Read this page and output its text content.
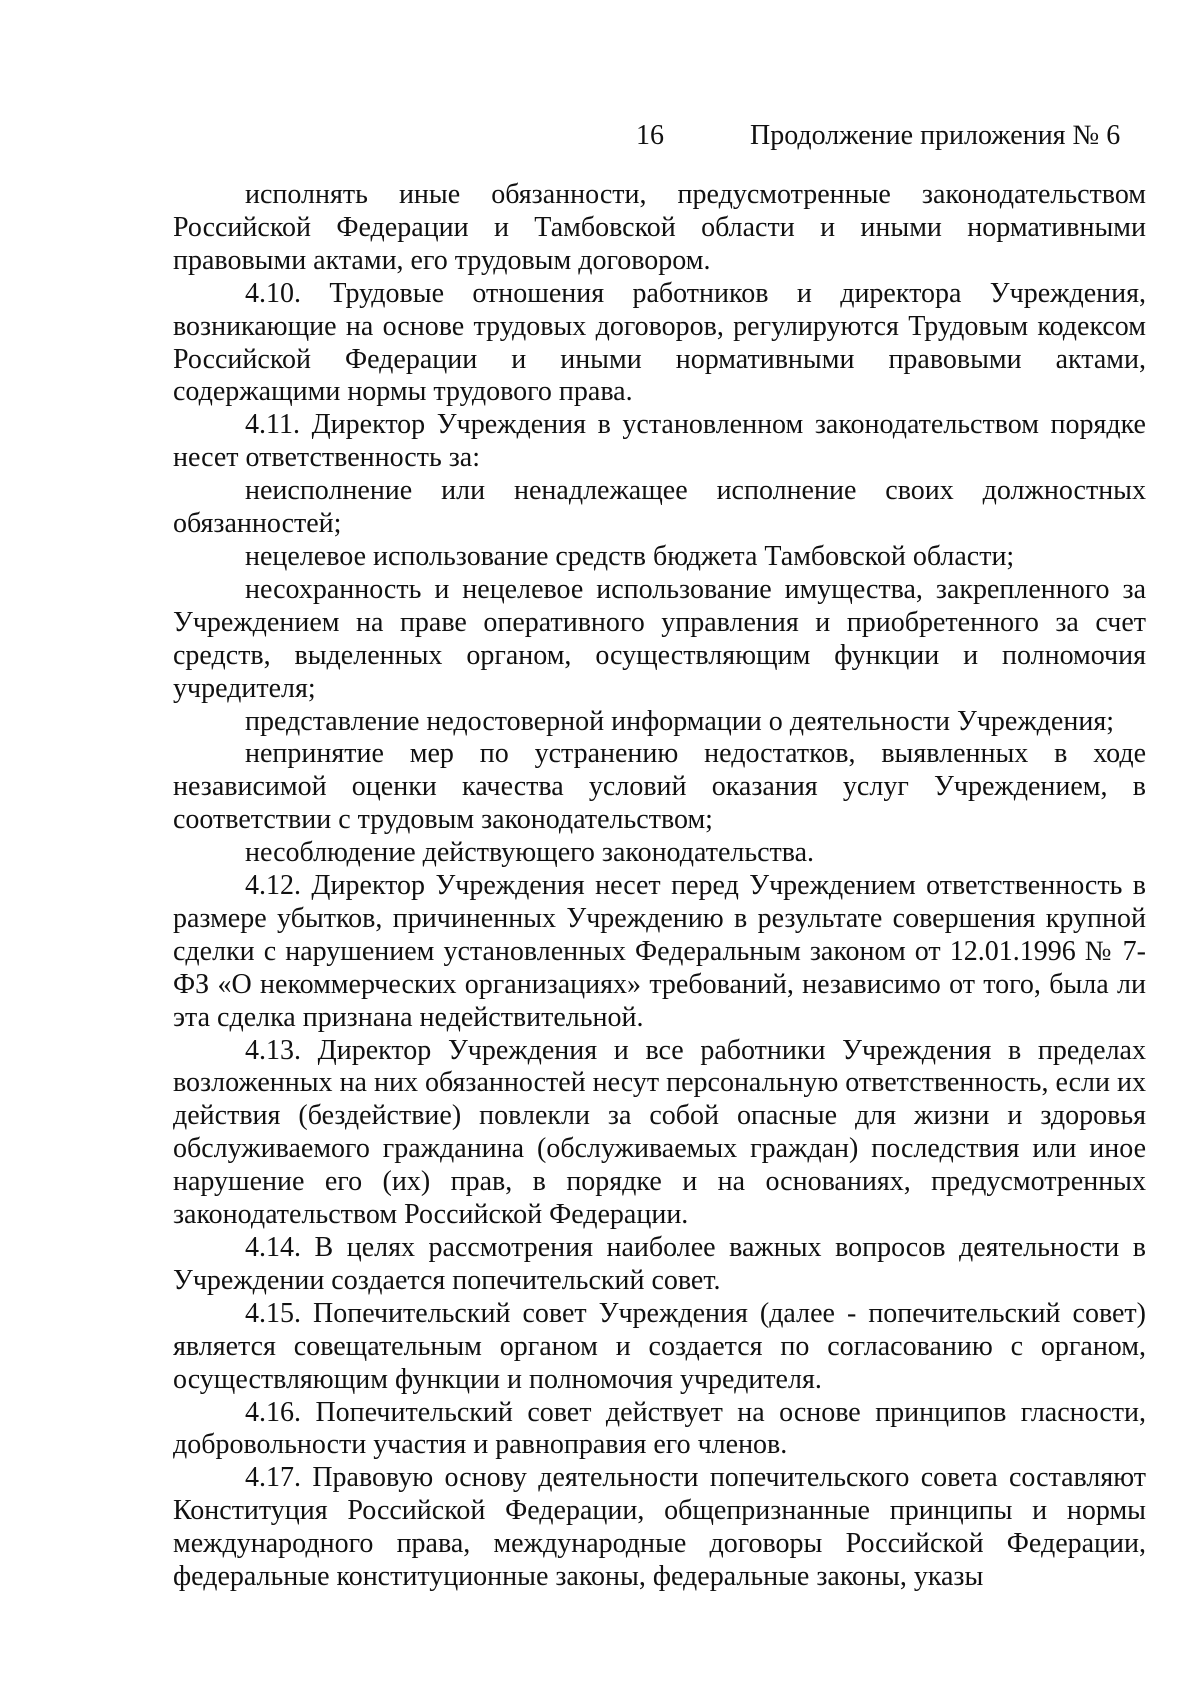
16	Продолжение приложения № 6

исполнять иные обязанности, предусмотренные законодательством Российской Федерации и Тамбовской области и иными нормативными правовыми актами, его трудовым договором.

4.10. Трудовые отношения работников и директора Учреждения, возникающие на основе трудовых договоров, регулируются Трудовым кодексом Российской Федерации и иными нормативными правовыми актами, содержащими нормы трудового права.

4.11. Директор Учреждения в установленном законодательством порядке несет ответственность за:

неисполнение или ненадлежащее исполнение своих должностных обязанностей;

нецелевое использование средств бюджета Тамбовской области;

несохранность и нецелевое использование имущества, закрепленного за Учреждением на праве оперативного управления и приобретенного за счет средств, выделенных органом, осуществляющим функции и полномочия учредителя;

представление недостоверной информации о деятельности Учреждения;

непринятие мер по устранению недостатков, выявленных в ходе независимой оценки качества условий оказания услуг Учреждением, в соответствии с трудовым законодательством;

несоблюдение действующего законодательства.

4.12. Директор Учреждения несет перед Учреждением ответственность в размере убытков, причиненных Учреждению в результате совершения крупной сделки с нарушением установленных Федеральным законом от 12.01.1996 № 7-ФЗ «О некоммерческих организациях» требований, независимо от того, была ли эта сделка признана недействительной.

4.13. Директор Учреждения и все работники Учреждения в пределах возложенных на них обязанностей несут персональную ответственность, если их действия (бездействие) повлекли за собой опасные для жизни и здоровья обслуживаемого гражданина (обслуживаемых граждан) последствия или иное нарушение его (их) прав, в порядке и на основаниях, предусмотренных законодательством Российской Федерации.

4.14. В целях рассмотрения наиболее важных вопросов деятельности в Учреждении создается попечительский совет.

4.15. Попечительский совет Учреждения (далее - попечительский совет) является совещательным органом и создается по согласованию с органом, осуществляющим функции и полномочия учредителя.

4.16. Попечительский совет действует на основе принципов гласности, добровольности участия и равноправия его членов.

4.17. Правовую основу деятельности попечительского совета составляют Конституция Российской Федерации, общепризнанные принципы и нормы международного права, международные договоры Российской Федерации, федеральные конституционные законы, федеральные законы, указы
